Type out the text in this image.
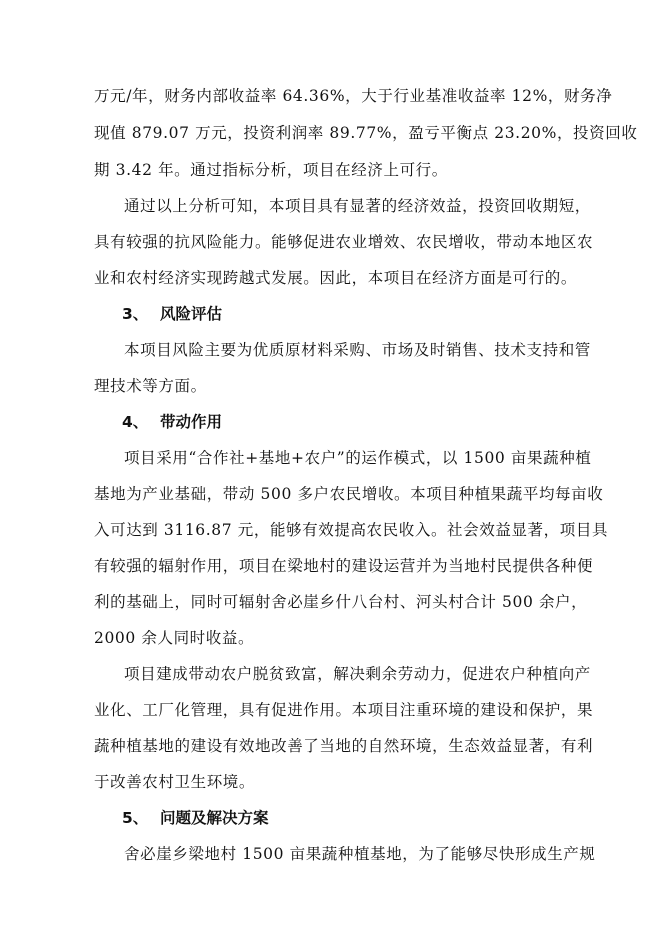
万元/年，财务内部收益率 64.36%，大于行业基准收益率 12%，财务净
现值 879.07 万元，投资利润率 89.77%，盈亏平衡点 23.20%，投资回收
期 3.42 年。通过指标分析，项目在经济上可行。
通过以上分析可知，本项目具有显著的经济效益，投资回收期短，
具有较强的抗风险能力。能够促进农业增效、农民增收，带动本地区农
业和农村经济实现跨越式发展。因此，本项目在经济方面是可行的。
3、 风险评估
本项目风险主要为优质原材料采购、市场及时销售、技术支持和管
理技术等方面。
4、 带动作用
项目采用“合作社+基地+农户”的运作模式，以 1500 亩果蔬种植
基地为产业基础，带动 500 多户农民增收。本项目种植果蔬平均每亩收
入可达到 3116.87 元，能够有效提高农民收入。社会效益显著，项目具
有较强的辐射作用，项目在梁地村的建设运营并为当地村民提供各种便
利的基础上，同时可辐射舍必崖乡什八台村、河头村合计 500 余户，
2000 余人同时收益。
项目建成带动农户脱贫致富，解决剩余劳动力，促进农户种植向产
业化、工厂化管理，具有促进作用。本项目注重环境的建设和保护，果
蔬种植基地的建设有效地改善了当地的自然环境，生态效益显著，有利
于改善农村卫生环境。
5、 问题及解决方案
舍必崖乡梁地村 1500 亩果蔬种植基地，为了能够尽快形成生产规
